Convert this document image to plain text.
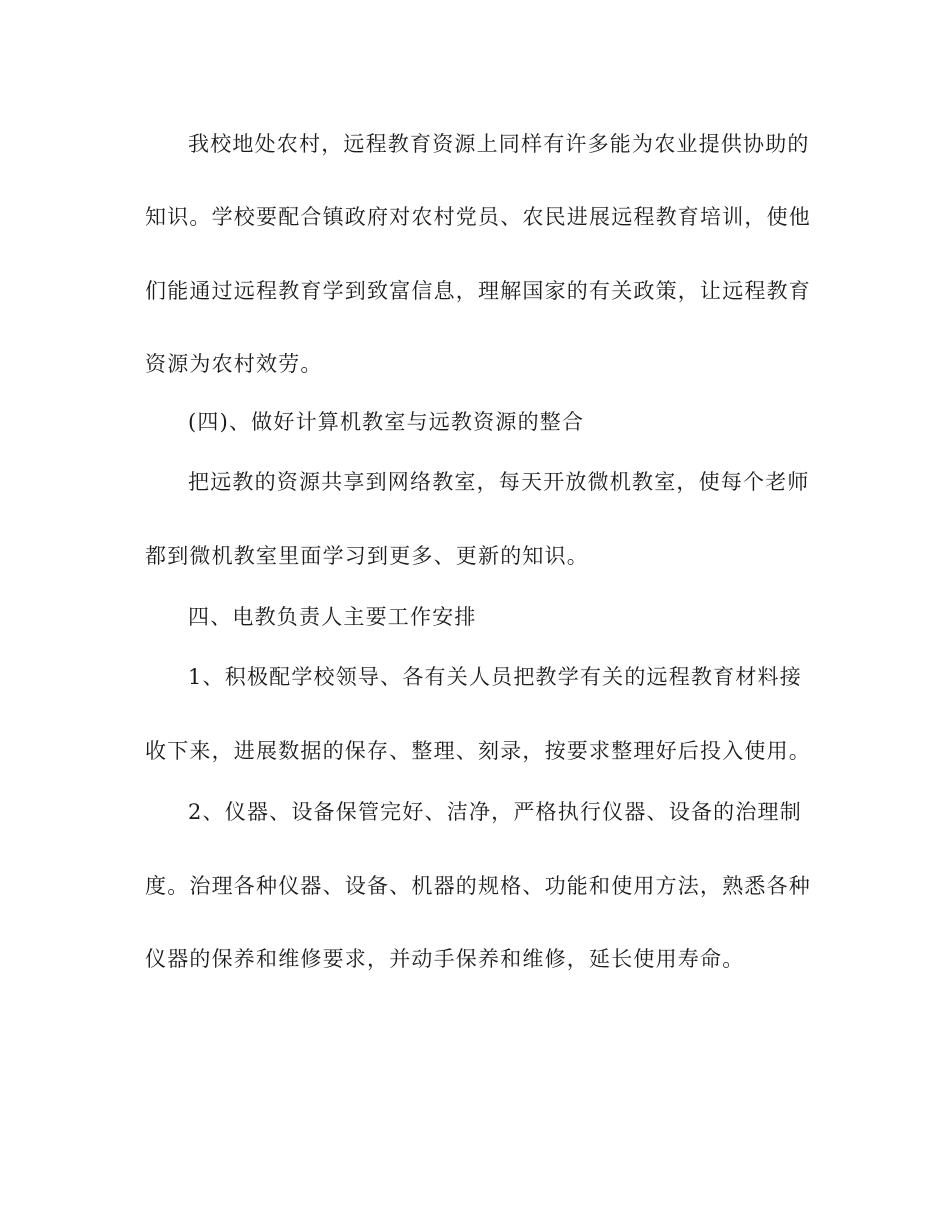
我校地处农村，远程教育资源上同样有许多能为农业提供协助的
知识。学校要配合镇政府对农村党员、农民进展远程教育培训，使他
们能通过远程教育学到致富信息，理解国家的有关政策，让远程教育
资源为农村效劳。
(四)、做好计算机教室与远教资源的整合
把远教的资源共享到网络教室，每天开放微机教室，使每个老师
都到微机教室里面学习到更多、更新的知识。
四、电教负责人主要工作安排
1、积极配学校领导、各有关人员把教学有关的远程教育材料接
收下来，进展数据的保存、整理、刻录，按要求整理好后投入使用。
2、仪器、设备保管完好、洁净，严格执行仪器、设备的治理制
度。治理各种仪器、设备、机器的规格、功能和使用方法，熟悉各种
仪器的保养和维修要求，并动手保养和维修，延长使用寿命。
